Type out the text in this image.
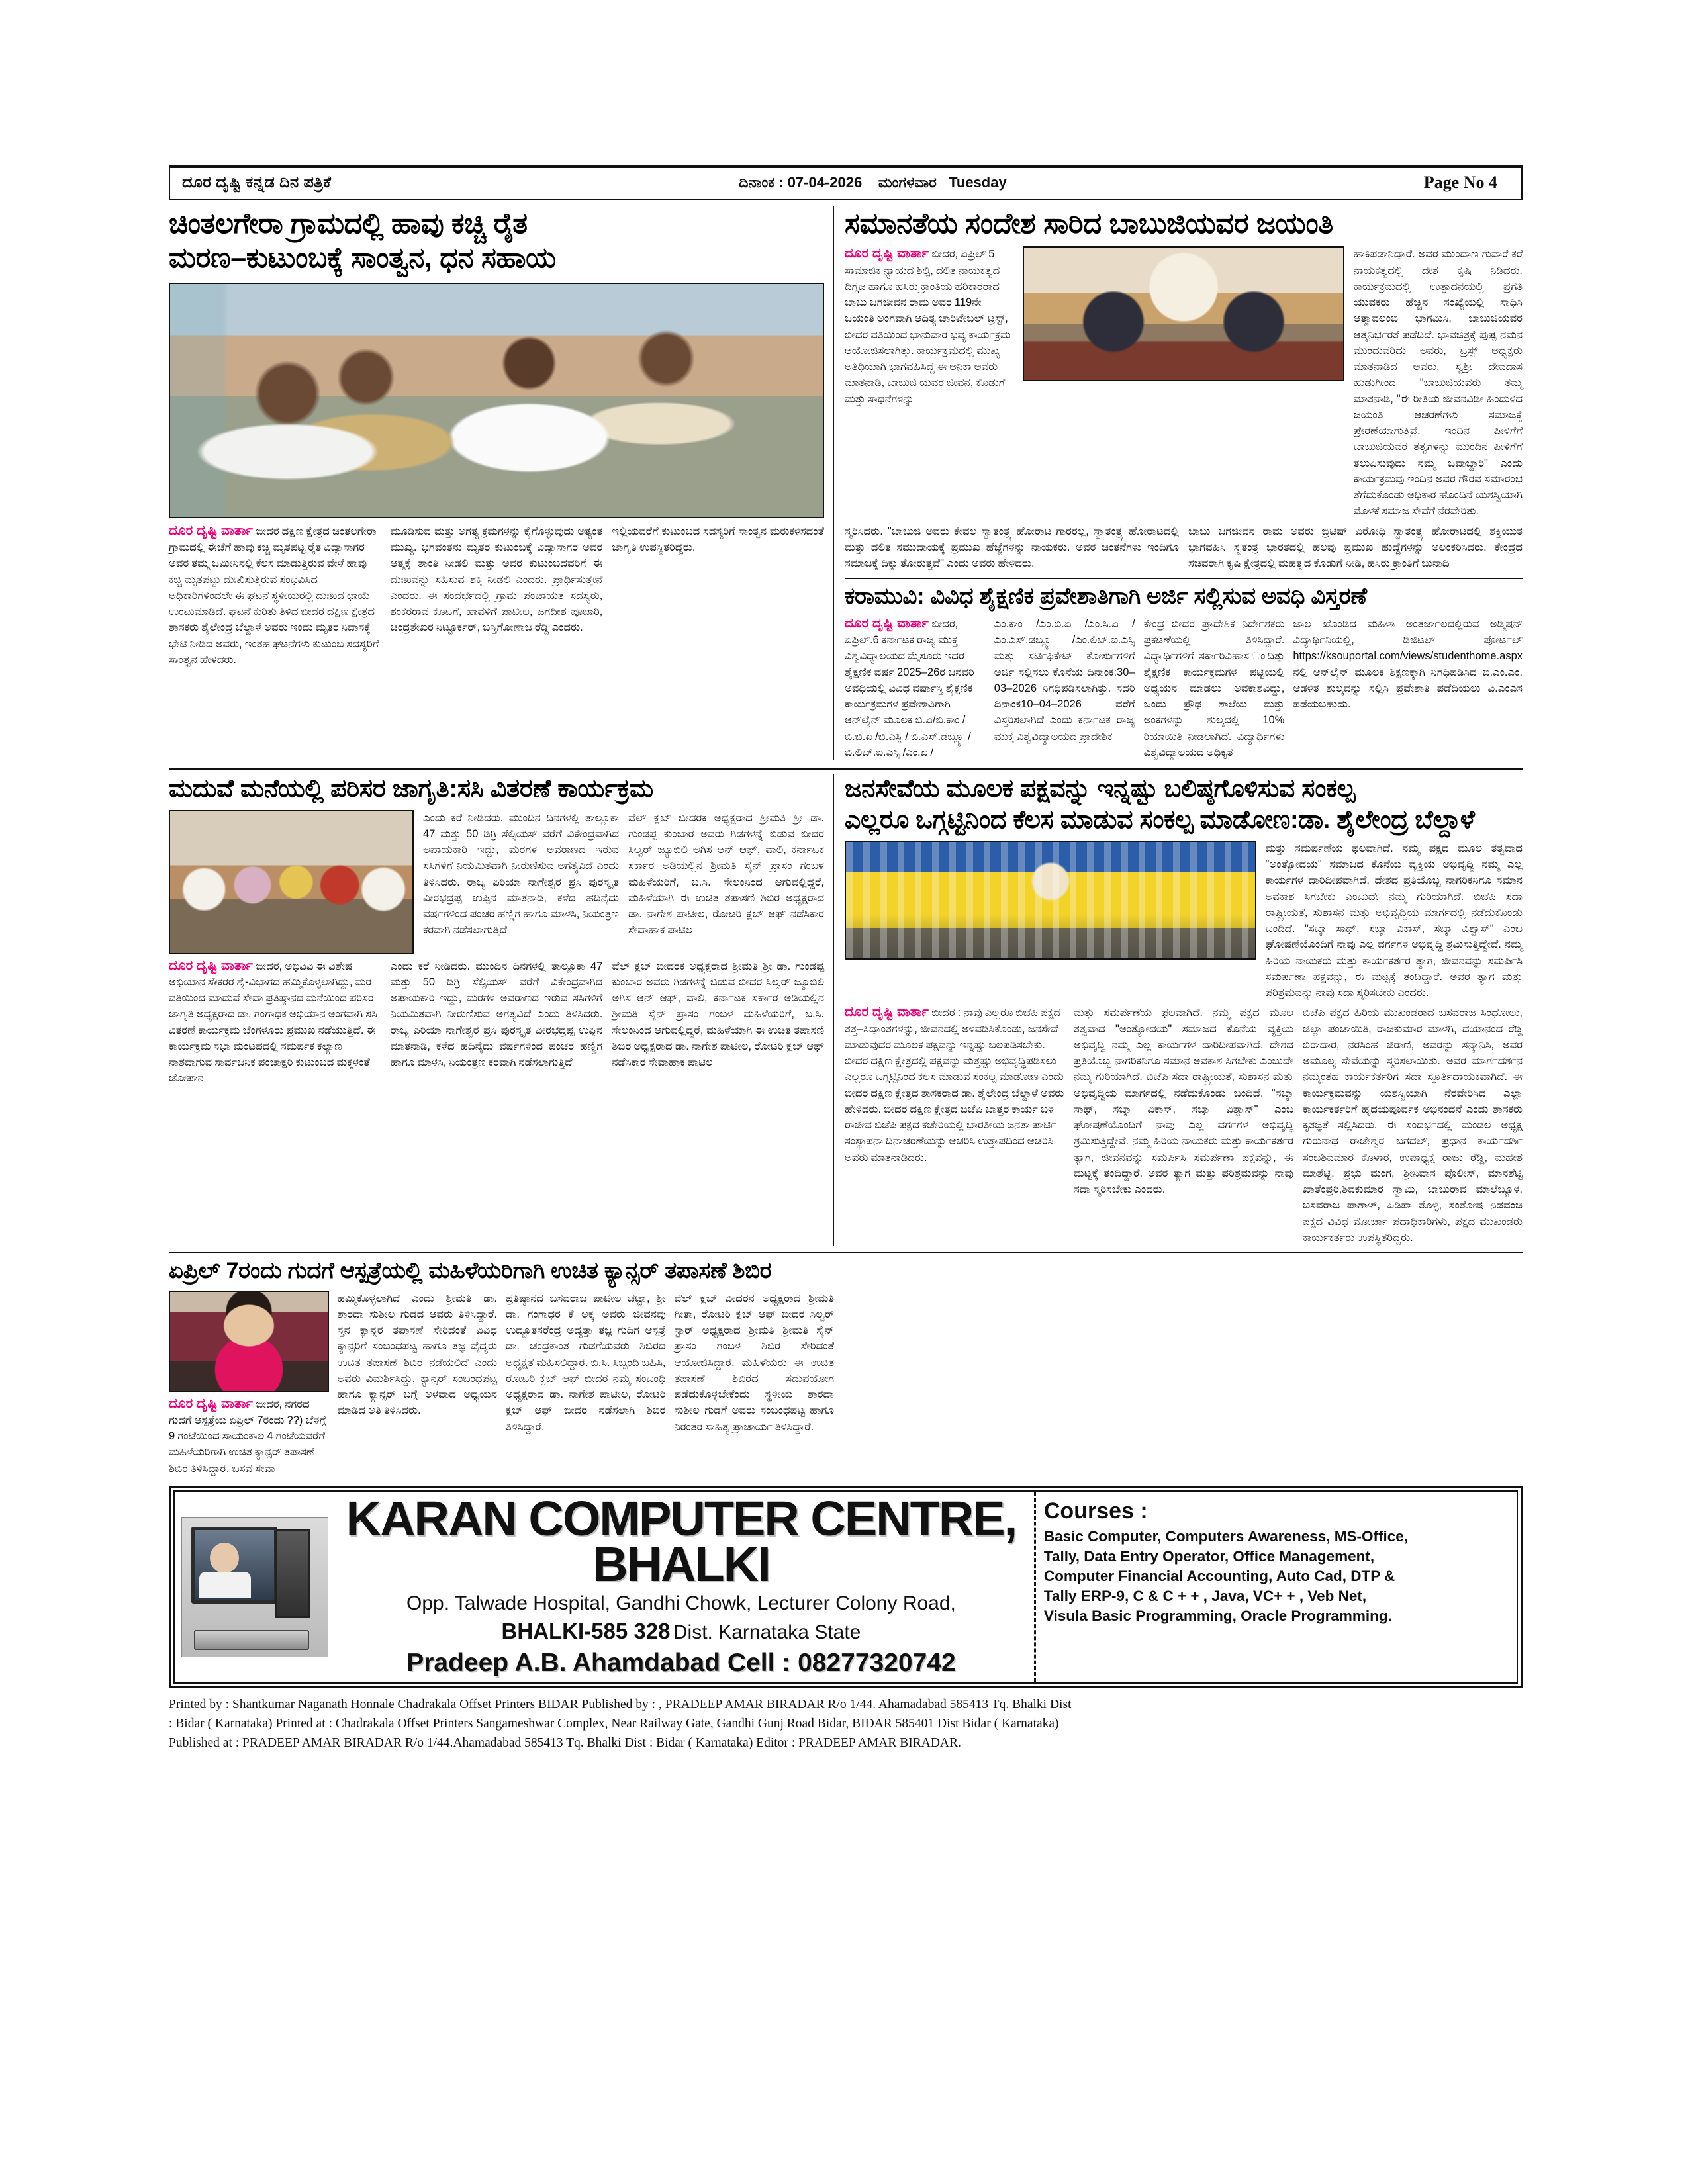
ದೂರ ದೃಷ್ಟಿ ಕನ್ನಡ ದಿನ ಪತ್ರಿಕೆ	ದಿನಾಂಕ : 07-04-2026 ಮಂಗಳವಾರ Tuesday	Page No 4
ಚಿಂತಲಗೇರಾ ಗ್ರಾಮದಲ್ಲಿ ಹಾವು ಕಚ್ಚಿ ರೈತ
ಮರಣ–ಕುಟುಂಬಕ್ಕೆ ಸಾಂತ್ವನ, ಧನ ಸಹಾಯ
ದೂರ ದೃಷ್ಟಿ ವಾರ್ತಾ ಬೀದರ ದಕ್ಷಿಣ ಕ್ಷೇತ್ರದ ಚಿಂತಲಗೇರಾ ಗ್ರಾಮದಲ್ಲಿ ಈಚೆಗೆ ಹಾವು ಕಚ್ಚಿ ಮೃತಪಟ್ಟ ರೈತ ವಿದ್ಯಾಸಾಗರ ಅವರ ತಮ್ಮ ಜಮೀನಿನಲ್ಲಿ ಕೆಲಸ ಮಾಡುತ್ತಿರುವ ವೇಳೆ ಹಾವು ಕಚ್ಚಿ ಮೃತಪಟ್ಟು ದುಃಖಿಸುತ್ತಿರುವ ಸಂಭವಿಸಿದ ಅಧಿಕಾರಿಗಳಿಂದಲೇ ಈ ಘಟನೆ ಸ್ಥಳೀಯರಲ್ಲಿ ದುಃಖದ ಛಾಯೆ ಉಂಟುಮಾಡಿದೆ. ಘಟನೆ ಕುರಿತು ತಿಳಿದ ಬೀದರ ದಕ್ಷಿಣ ಕ್ಷೇತ್ರದ ಶಾಸಕರು ಶೈಲೇಂದ್ರ ಬೆಲ್ದಾಳೆ ಅವರು ಇಂದು ಮೃತರ ನಿವಾಸಕ್ಕೆ ಭೇಟಿ ನೀಡಿದ ಅವರು, ಇಂತಹ ಘಟನೆಗಳು ಕುಟುಂಬ ಸದಸ್ಯರಿಗೆ ಸಾಂತ್ವನ ಹೇಳಿದರು.
ಮೂಡಿಸುವ ಮತ್ತು ಅಗತ್ಯ ಕ್ರಮಗಳನ್ನು ಕೈಗೊಳ್ಳುವುದು ಅತ್ಯಂತ ಮುಖ್ಯ. ಭಗವಂತನು ಮೃತರ ಕುಟುಂಬಕ್ಕೆ ವಿದ್ಯಾಸಾಗರ ಅವರ ಆತ್ಮಕ್ಕೆ ಶಾಂತಿ ನೀಡಲಿ ಮತ್ತು ಅವರ ಕುಟುಂಬದವರಿಗೆ ಈ ದುಃಖವನ್ನು ಸಹಿಸುವ ಶಕ್ತಿ ನೀಡಲಿ ಎಂದರು. ಪ್ರಾರ್ಥಿಸುತ್ತೇನೆ ಎಂದರು. ಈ ಸಂದರ್ಭದಲ್ಲಿ ಗ್ರಾಮ ಪಂಚಾಯತ ಸದಸ್ಯರು, ಶಂಕರರಾವ ಕೊಟಗೆ, ಹಾವಳಿಗೆ ಪಾಟೀಲ, ಜಗದೀಶ ಪೂಜಾರಿ, ಚಂದ್ರಶೇಖರ ನಿಟ್ಟೂರ್ಕರ್, ಬಸ್ತಿಗೋಣಾಜ ರೆಡ್ಡಿ ಎಂದರು.
ಇಲ್ಲಿಯವರೆಗೆ ಕುಟುಂಬದ ಸದಸ್ಯರಿಗೆ ಸಾಂತ್ವನ ಮರುಕಳಿಸದಂತೆ ಜಾಗೃತಿ ಉಪಸ್ಥಿತರಿದ್ದರು.
ಸಮಾನತೆಯ ಸಂದೇಶ ಸಾರಿದ ಬಾಬುಜಿಯವರ ಜಯಂತಿ
ದೂರ ದೃಷ್ಟಿ ವಾರ್ತಾ ಬೀದರ, ಏಪ್ರಿಲ್ 5 ಸಾಮಾಜಿಕ ನ್ಯಾಯದ ಶಿಲ್ಪಿ, ದಲಿತ ನಾಯಕತ್ವದ ದಿಗ್ಗಜ ಹಾಗೂ ಹಸಿರು ಕ್ರಾಂತಿಯ ಹರಿಕಾರರಾದ ಬಾಬು ಜಗಜೀವನ ರಾಮ ಅವರ 119ನೇ ಜಯಂತಿ ಅಂಗವಾಗಿ ಆದಿತ್ಯ ಚಾರಿಟೇಬಲ್ ಟ್ರಸ್ಟ್, ಬೀದರ ವತಿಯಿಂದ ಭಾನುವಾರ ಭವ್ಯ ಕಾರ್ಯಕ್ರಮ ಆಯೋಜಿಸಲಾಗಿತ್ತು. ಕಾರ್ಯಕ್ರಮದಲ್ಲಿ ಮುಖ್ಯ ಅತಿಥಿಯಾಗಿ ಭಾಗವಹಿಸಿದ್ದ ಈ ಅನಿಕಾ ಅವರು ಮಾತನಾಡಿ, ಬಾಬುಜಿ ಯವರ ಜೀವನ, ಕೊಡುಗೆ ಮತ್ತು ಸಾಧನೆಗಳನ್ನು
ಹಾಕಿಪಡಾನಿದ್ದಾರೆ. ಅವರ ಮುಂದಾಣ ಗುವಾರೆ ಕರೆ ನಾಯಕತ್ವದಲ್ಲಿ ದೇಶ ಕೃಷಿ ನಿಡಿದರು. ಕಾರ್ಯಕ್ರಮದಲ್ಲಿ ಉತ್ಪಾದನೆಯಲ್ಲಿ ಪ್ರಗತಿ ಯುವಕರು ಹೆಚ್ಚಿನ ಸಂಖ್ಯೆಯಲ್ಲಿ ಸಾಧಿಸಿ ಆತ್ಮಾವಲಂಬಿ ಭಾಗಮಿಸಿ, ಬಾಬುಜಿಯವರ ಆತ್ಮನಿರ್ಭರತೆ ಪಡೆದಿದೆ. ಭಾವಚಿತ್ರಕ್ಕೆ ಪುಷ್ಪ ನಮನ ಮುಂದುವರಿದು ಅವರು, ಟ್ರಸ್ಟ್ ಅಧ್ಯಕ್ಷರು ಮಾತನಾಡಿದ ಅವರು, ಸ್ವಶ್ರೀ ದೇವದಾಸ ಹುಡುಗೀಂದ "ಬಾಬುಜಿಯವರು ತಮ್ಮ ಮಾತನಾಡಿ, "ಈ ರೀತಿಯ ಜೀವನವಿಡೀ ಹಿಂದುಳಿದ ಜಯಂತಿ ಆಚರಣೆಗಳು ಸಮಾಜಕ್ಕೆ ಪ್ರೇರಣೆಯಾಗುತ್ತಿವೆ. ಇಂದಿನ ಪೀಳಿಗೆಗೆ ಬಾಬುಜಿಯವರ ತತ್ವಗಳನ್ನು ಮುಂದಿನ ಪೀಳಿಗೆಗೆ ತಲುಪಿಸುವುದು ನಮ್ಮ ಜವಾಬ್ದಾರಿ" ಎಂದು ಕಾರ್ಯಕ್ರಮವು ಇಂದಿನ ಅವರ ಗೌರವ ಸಮಾರಂಭ ತೆಗೆದುಕೊಂಡು ಅಧಿಕಾರ ಹೊಂದಿನೆ ಯಶಸ್ವಿಯಾಗಿ ಮೊಳಕೆ ಸಮಾಜ ಸೇವೆಗೆ ನೆರವೇರಿತು.
ಸ್ಮರಿಸಿದರು. "ಬಾಬುಜಿ ಅವರು ಕೇವಲ ಸ್ವಾತಂತ್ರ್ಯ ಹೋರಾಟ ಗಾರರಲ್ಲ, ಸ್ವಾತಂತ್ರ್ಯ ಹೋರಾಟದಲ್ಲಿ ಮತ್ತು ದಲಿತ ಸಮುದಾಯಕ್ಕೆ ಪ್ರಮುಖ ಹೆಜ್ಜೆಗಳನ್ನು ನಾಯಕರು. ಅವರ ಚಿಂತನೆಗಳು ಇಂದಿಗೂ ಸಮಾಜಕ್ಕೆ ದಿಕ್ಕು ತೋರುತ್ತವೆ" ಎಂದು ಅವರು ಹೇಳಿದರು.
ಬಾಬು ಜಗಜೀವನ ರಾಮ ಅವರು ಬ್ರಿಟಿಷ್ ವಿರೋಧಿ ಸ್ವಾತಂತ್ರ್ಯ ಹೋರಾಟದಲ್ಲಿ ಶಕ್ತಿಯುತ ಭಾಗವಹಿಸಿ ಸ್ವತಂತ್ರ ಭಾರತದಲ್ಲಿ ಹಲವು ಪ್ರಮುಖ ಹುದ್ದೆಗಳನ್ನು ಅಲಂಕರಿಸಿದರು. ಕೇಂದ್ರದ ಸಚಿವರಾಗಿ ಕೃಷಿ ಕ್ಷೇತ್ರದಲ್ಲಿ ಮಹತ್ವದ ಕೊಡುಗೆ ನೀಡಿ, ಹಸಿರು ಕ್ರಾಂತಿಗೆ ಬುನಾದಿ
ಕರಾಮುವಿ: ವಿವಿಧ ಶೈಕ್ಷಣಿಕ ಪ್ರವೇಶಾತಿಗಾಗಿ ಅರ್ಜಿ ಸಲ್ಲಿಸುವ ಅವಧಿ ವಿಸ್ತರಣೆ
ದೂರ ದೃಷ್ಟಿ ವಾರ್ತಾ ಬೀದರ, ಏಪ್ರಿಲ್.6 ಕರ್ನಾಟಕ ರಾಜ್ಯ ಮುಕ್ತ ವಿಶ್ವವಿದ್ಯಾಲಯದ ಮೈಸೂರು ಇದರ ಶೈಕ್ಷಣಿಕ ವರ್ಷ 2025–26ರ ಜನವರಿ ಅವಧಿಯಲ್ಲಿ ವಿವಿಧ ವರ್ಷಾಸ್ತಿ ಶೈಕ್ಷಣಿಕ ಕಾರ್ಯಕ್ರಮಗಳ ಪ್ರವೇಶಾತಿಗಾಗಿ ಆನ್‌ಲೈನ್ ಮೂಲಕ ಬಿ.ಏ/ಬಿ.ಕಾಂ / ಬಿ.ಬಿ.ಏ /ಬಿ.ಎಸ್ಸಿ / ಬಿ.ಎಸ್.ಡಬ್ಲ್ಯೂ / ಬಿ.ಲಿಬ್.ಐ.ಎಸ್ಸಿ /ಎಂ.ಏ /
ಎಂ.ಕಾಂ /ಎಂ.ಬಿ.ಏ /ಎಂ.ಸಿ.ಏ /ಎಂ.ಎಸ್.ಡಬ್ಲ್ಯೂ /ಎಂ.ಲಿಬ್.ಐ.ಎಸ್ಸಿ ಮತ್ತು ಸರ್ಟಿಫಿಕೇಟ್ ಕೋರ್ಸುಗಳಿಗೆ ಅರ್ಜಿ ಸಲ್ಲಿಸಲು ಕೊನೆಯ ದಿನಾಂಕ:30–03–2026 ನಿಗಧಿಪಡಿಸಲಾಗಿತ್ತು. ಸದರಿ ದಿನಾಂಕ10–04–2026 ವರೆಗೆ ವಿಸ್ತರಿಸಲಾಗಿದೆ ಎಂದು ಕರ್ನಾಟಕ ರಾಜ್ಯ ಮುಕ್ತ ವಿಶ್ವವಿದ್ಯಾಲಯದ ಪ್ರಾದೇಶಿಕ
ಕೇಂದ್ರ ಬೀದರ ಪ್ರಾದೇಶಿಕ ನಿರ್ದೇಶಕರು ಪ್ರಕಟಣೆಯಲ್ಲಿ ತಿಳಿಸಿದ್ದಾರೆ. ವಿದ್ಯಾರ್ಥಿಗಳಿಗೆ ಸರ್ಕಾರಿವಿಹಾಸ ಂದಿತ್ತು ಶೈಕ್ಷಣಿಕ ಕಾರ್ಯಕ್ರಮಗಳ ಪಟ್ಟಿಯಲ್ಲಿ ಅಧ್ಯಯನ ಮಾಡಲು ಅವಕಾಶವಿದ್ದು, ಒಂದು ಪ್ರೌಢ ಶಾಲೆಯ ಮತ್ತು ಅಂಕಗಳನ್ನು ಶುಲ್ಕದಲ್ಲಿ 10% ರಿಯಾಯಿತಿ ನೀಡಲಾಗಿದೆ. ವಿದ್ಯಾರ್ಥಿಗಳು ವಿಶ್ವವಿದ್ಯಾಲಯದ ಅಧಿಕೃತ
ಜಾಲ ಖೊಂಡಿದ ಮಹಿಳಾ ಅಂತರ್ಜಾಲದಲ್ಲಿರುವ ಅಡ್ಮಿಷನ್ ವಿದ್ಯಾರ್ಥಿನಿಯಲ್ಲಿ, ಡಿಜಿಟಲ್ ಪೋರ್ಟಲ್ https://ksouportal.com/views/studenthome.aspx ನಲ್ಲಿ ಆನ್‌ಲೈನ್ ಮೂಲಕ ಶಿಕ್ಷಣಕ್ಕಾಗಿ ನಿಗಧಿಪಡಿಸಿದ ಬಿ.ಎಂ.ಎಂ. ಆಡಳಿತ ಶುಲ್ಕವನ್ನು ಸಲ್ಲಿಸಿ ಪ್ರವೇಶಾತಿ ಪಡೆದಿಯಲು ವಿ.ಎಂಎಸ ಪಡೆಯಬಹುದು.
ಮದುವೆ ಮನೆಯಲ್ಲಿ ಪರಿಸರ ಜಾಗೃತಿ:ಸಸಿ ವಿತರಣೆ ಕಾರ್ಯಕ್ರಮ
ಎಂದು ಕರೆ ನೀಡಿದರು. ಮುಂದಿನ ದಿನಗಳಲ್ಲಿ ತಾಲ್ಲೂಕಾ 47 ಮತ್ತು 50 ಡಿಗ್ರಿ ಸೆಲ್ಸಿಯಸ್ ವರೆಗೆ ವಿಕೇಂದ್ರವಾಗಿದ ಅಪಾಯಕಾರಿ ಇದ್ದು, ಮರಗಳ ಅವರಾಣದ ಇರುವ ಸಸಿಗಳಿಗೆ ನಿಯಮಿತವಾಗಿ ನೀರುಣಿಸುವ ಅಗತ್ಯವಿದೆ ಎಂದು ತಿಳಿಸಿದರು. ರಾಜ್ಯ ಪಿರಿಯಾ ನಾಗೇಶ್ವರ ಪ್ರಸಿ ಪುರಸ್ಕೃತ ವೀರಭದ್ರಪ್ಪ ಉಪ್ಪಿನ ಮಾತನಾಡಿ, ಕಳೆದ ಹದಿನೈದು ವರ್ಷಗಳಿಂದ ಪಂಚರ ಹಣ್ಣಿಗ ಹಾಗೂ ಮಾಳಸಿ, ನಿಯಂತ್ರಣ ಕರವಾಗಿ ನಡೆಸಲಾಗುತ್ತಿದೆ
ವೆಲ್ ಕ್ಲಬ್ ಬೀದರಕ ಅಧ್ಯಕ್ಷರಾದ ಶ್ರೀಮತಿ ಶ್ರೀ ಡಾ. ಗುಂಡಪ್ಪ ಕುಂಬಾರ ಅವರು ಗಿಡಗಳನ್ನೆ ಬಿಡುವ ಬೀದರ ಸಿಲ್ವರ್ ಜ್ಯೂಬಿಲಿ ಅಗಿಸ ಆನ್ ಆಫ್, ವಾಲಿ, ಕರ್ನಾಟಕ ಸರ್ಕಾರ ಅಡಿಯಲ್ಲಿನ ಶ್ರೀಮತಿ ಸೈನ್ ಪ್ರಾಸಂ ಗಂಬಳ ಮಹಿಳೆಯರಿಗೆ, ಬ.ಸಿ. ಸೇಲಂನಿಂದ ಆಗುವಲ್ಲಿದ್ದರೆ, ಮಹಿಳೆಯಾಗಿ ಈ ಉಚಿತ ತಪಾಸಣಿ ಶಿಬಿರ ಅಧ್ಯಕ್ಷರಾದ ಡಾ. ನಾಗೇಶ ಪಾಟೀಲ, ರೋಟರಿ ಕ್ಲಬ್ ಆಫ್ ನಡೆಸಿಕಾರ ಸೇವಾಹಾಕ ಪಾಟಿಲ
ದೂರ ದೃಷ್ಟಿ ವಾರ್ತಾ ಬೀದರ, ಅಭಿವಿವಿ ಈ ವಿಶೇಷ ಅಭಿಯಾನ ಸೌಕರರ ಶೈ-ವಿಭಾಗದ ಹಮ್ಮಿಕೊಳ್ಳಲಾಗಿದ್ದು, ಮರ ವತಿಯಿಂದ ಮಾದುವೆ ಸೇವಾ ಪ್ರತಿಷ್ಠಾನದ ಮನೆಯಿಂದ ಪರಿಸರ ಜಾಗೃತಿ ಅಧ್ಯಕ್ಷರಾದ ಡಾ. ಗಂಗಾಧಕ ಅಭಿಯಾನ ಅಂಗವಾಗಿ ಸಸಿ ವಿತರಣೆ ಕಾರ್ಯಕ್ರಮ ಬೆಂಗಳೂರು ಪ್ರಮುಖ ನಡೆಯುತ್ತಿದೆ. ಈ ಕಾರ್ಯಕ್ರಮ ಸಭಾ ಮಂಟಪದಲ್ಲಿ ಸಮರ್ಪಕ ಕಲ್ಯಾಣ ನಾಶವಾಗುವ ಸಾರ್ವಜನಿಕ ಪಂಚಾಕ್ಷರಿ ಕುಟುಂಬದ ಮಕ್ಕಳಂತೆ ಜೋಪಾನ
ಎಂದು ಕರೆ ನೀಡಿದರು. ಮುಂದಿನ ದಿನಗಳಲ್ಲಿ ತಾಲ್ಲೂಕಾ 47 ಮತ್ತು 50 ಡಿಗ್ರಿ ಸೆಲ್ಸಿಯಸ್ ವರೆಗೆ ವಿಕೇಂದ್ರವಾಗಿದ ಅಪಾಯಕಾರಿ ಇದ್ದು, ಮರಗಳ ಅವರಾಣದ ಇರುವ ಸಸಿಗಳಿಗೆ ನಿಯಮಿತವಾಗಿ ನೀರುಣಿಸುವ ಅಗತ್ಯವಿದೆ ಎಂದು ತಿಳಿಸಿದರು. ರಾಜ್ಯ ಪಿರಿಯಾ ನಾಗೇಶ್ವರ ಪ್ರಸಿ ಪುರಸ್ಕೃತ ವೀರಭದ್ರಪ್ಪ ಉಪ್ಪಿನ ಮಾತನಾಡಿ, ಕಳೆದ ಹದಿನೈದು ವರ್ಷಗಳಿಂದ ಪಂಚರ ಹಣ್ಣಿಗ ಹಾಗೂ ಮಾಳಸಿ, ನಿಯಂತ್ರಣ ಕರವಾಗಿ ನಡೆಸಲಾಗುತ್ತಿದೆ
ವೆಲ್ ಕ್ಲಬ್ ಬೀದರಕ ಅಧ್ಯಕ್ಷರಾದ ಶ್ರೀಮತಿ ಶ್ರೀ ಡಾ. ಗುಂಡಪ್ಪ ಕುಂಬಾರ ಅವರು ಗಿಡಗಳನ್ನೆ ಬಿಡುವ ಬೀದರ ಸಿಲ್ವರ್ ಜ್ಯೂಬಿಲಿ ಅಗಿಸ ಆನ್ ಆಫ್, ವಾಲಿ, ಕರ್ನಾಟಕ ಸರ್ಕಾರ ಅಡಿಯಲ್ಲಿನ ಶ್ರೀಮತಿ ಸೈನ್ ಪ್ರಾಸಂ ಗಂಬಳ ಮಹಿಳೆಯರಿಗೆ, ಬ.ಸಿ. ಸೇಲಂನಿಂದ ಆಗುವಲ್ಲಿದ್ದರೆ, ಮಹಿಳೆಯಾಗಿ ಈ ಉಚಿತ ತಪಾಸಣಿ ಶಿಬಿರ ಅಧ್ಯಕ್ಷರಾದ ಡಾ. ನಾಗೇಶ ಪಾಟೀಲ, ರೋಟರಿ ಕ್ಲಬ್ ಆಫ್ ನಡೆಸಿಕಾರ ಸೇವಾಹಾಕ ಪಾಟಿಲ
ಜನಸೇವೆಯ ಮೂಲಕ ಪಕ್ಷವನ್ನು ಇನ್ನಷ್ಟು ಬಲಿಷ್ಠಗೊಳಿಸುವ ಸಂಕಲ್ಪ
ಎಲ್ಲರೂ ಒಗ್ಗಟ್ಟಿನಿಂದ ಕೆಲಸ ಮಾಡುವ ಸಂಕಲ್ಪ ಮಾಡೋಣ:ಡಾ. ಶೈಲೇಂದ್ರ ಬೆಲ್ದಾಳೆ
ಮತ್ತು ಸಮರ್ಪಣೆಯ ಫಲವಾಗಿದೆ. ನಮ್ಮ ಪಕ್ಷದ ಮೂಲ ತತ್ವವಾದ "ಅಂತ್ಯೋದಯ" ಸಮಾಜದ ಕೊನೆಯ ವ್ಯಕ್ತಿಯ ಅಭಿವೃದ್ಧಿ ನಮ್ಮ ಎಲ್ಲ ಕಾರ್ಯಗಳ ದಾರಿದೀಪವಾಗಿದೆ. ದೇಶದ ಪ್ರತಿಯೊಬ್ಬ ನಾಗರಿಕನಿಗೂ ಸಮಾನ ಅವಕಾಶ ಸಿಗಬೇಕು ಎಂಬುದೇ ನಮ್ಮ ಗುರಿಯಾಗಿದೆ. ಬಿಜೆಪಿ ಸದಾ ರಾಷ್ಟ್ರೀಯತೆ, ಸುಶಾಸನ ಮತ್ತು ಅಭಿವೃದ್ಧಿಯ ಮಾರ್ಗದಲ್ಲಿ ನಡೆದುಕೊಂಡು ಬಂದಿದೆ. "ಸಬ್ಕಾ ಸಾಥ್, ಸಬ್ಕಾ ವಿಕಾಸ್, ಸಬ್ಕಾ ವಿಶ್ವಾಸ್" ಎಂಬ ಘೋಷಣೆಯೊಂದಿಗೆ ನಾವು ಎಲ್ಲ ವರ್ಗಗಳ ಅಭಿವೃದ್ಧಿ ಶ್ರಮಿಸುತ್ತಿದ್ದೇವೆ. ನಮ್ಮ ಹಿರಿಯ ನಾಯಕರು ಮತ್ತು ಕಾರ್ಯಕರ್ತರ ತ್ಯಾಗ, ಜೀವನವನ್ನು ಸಮರ್ಪಿಸಿ ಸಮರ್ಪಣಾ ಪಕ್ಷವನ್ನು, ಈ ಮಟ್ಟಕ್ಕೆ ತಂದಿದ್ದಾರೆ. ಅವರ ತ್ಯಾಗ ಮತ್ತು ಪರಿಶ್ರಮವನ್ನು ನಾವು ಸದಾ ಸ್ಮರಿಸಬೇಕು ಎಂದರು.
ದೂರ ದೃಷ್ಟಿ ವಾರ್ತಾ ಬೀದರ : ನಾವು ಎಲ್ಲರೂ ಬಿಜೆಪಿ ಪಕ್ಷದ ತತ್ತ–ಸಿದ್ಧಾಂತಗಳನ್ನು, ಜೀವನದಲ್ಲಿ ಅಳವಡಿಸಿಕೊಂಡು, ಜನಸೇವೆ ಮಾಡುವುದರ ಮೂಲಕ ಪಕ್ಷವನ್ನು ಇನ್ನಷ್ಟು ಬಲಪಡಿಸಬೇಕು. ಬೀದರ ದಕ್ಷಿಣ ಕ್ಷೇತ್ರದಲ್ಲಿ ಪಕ್ಷವನ್ನು ಮತ್ತಷ್ಟು ಅಭಿವೃದ್ಧಿಪಡಿಸಲು ಎಲ್ಲರೂ ಒಗ್ಗಟ್ಟಿನಿಂದ ಕೆಲಸ ಮಾಡುವ ಸಂಕಲ್ಪ ಮಾಡೋಣ ಎಂದು ಬೀದರ ದಕ್ಷಿಣ ಕ್ಷೇತ್ರದ ಶಾಸಕರಾದ ಡಾ. ಶೈಲೇಂದ್ರ ಬೆಲ್ದಾಳೆ ಅವರು ಹೇಳಿದರು. ಬೀದರ ದಕ್ಷಿಣ ಕ್ಷೇತ್ರದ ಬಿಜೆಪಿ ಬಾತ್ತರ ಕಾರ್ಯ ಬಳ ರಾಜೀವ ಬಿಜೆಪಿ ಪಕ್ಷದ ಕಚೇರಿಯಲ್ಲಿ ಭಾರತೀಯ ಜನತಾ ಪಾರ್ಟಿ ಸಂಸ್ಥಾಪನಾ ದಿನಾಚರಣೆಯನ್ನು ಆಚರಿಸಿ ಉತ್ತಾಪದಿಂದ ಆಚರಿಸಿ ಅವರು ಮಾತನಾಡಿದರು.
ಮತ್ತು ಸಮರ್ಪಣೆಯ ಫಲವಾಗಿದೆ. ನಮ್ಮ ಪಕ್ಷದ ಮೂಲ ತತ್ವವಾದ "ಅಂತ್ಯೋದಯ" ಸಮಾಜದ ಕೊನೆಯ ವ್ಯಕ್ತಿಯ ಅಭಿವೃದ್ಧಿ ನಮ್ಮ ಎಲ್ಲ ಕಾರ್ಯಗಳ ದಾರಿದೀಪವಾಗಿದೆ. ದೇಶದ ಪ್ರತಿಯೊಬ್ಬ ನಾಗರಿಕನಿಗೂ ಸಮಾನ ಅವಕಾಶ ಸಿಗಬೇಕು ಎಂಬುದೇ ನಮ್ಮ ಗುರಿಯಾಗಿದೆ. ಬಿಜೆಪಿ ಸದಾ ರಾಷ್ಟ್ರೀಯತೆ, ಸುಶಾಸನ ಮತ್ತು ಅಭಿವೃದ್ಧಿಯ ಮಾರ್ಗದಲ್ಲಿ ನಡೆದುಕೊಂಡು ಬಂದಿದೆ. "ಸಬ್ಕಾ ಸಾಥ್, ಸಬ್ಕಾ ವಿಕಾಸ್, ಸಬ್ಕಾ ವಿಶ್ವಾಸ್" ಎಂಬ ಘೋಷಣೆಯೊಂದಿಗೆ ನಾವು ಎಲ್ಲ ವರ್ಗಗಳ ಅಭಿವೃದ್ಧಿ ಶ್ರಮಿಸುತ್ತಿದ್ದೇವೆ. ನಮ್ಮ ಹಿರಿಯ ನಾಯಕರು ಮತ್ತು ಕಾರ್ಯಕರ್ತರ ತ್ಯಾಗ, ಜೀವನವನ್ನು ಸಮರ್ಪಿಸಿ ಸಮರ್ಪಣಾ ಪಕ್ಷವನ್ನು, ಈ ಮಟ್ಟಕ್ಕೆ ತಂದಿದ್ದಾರೆ. ಅವರ ತ್ಯಾಗ ಮತ್ತು ಪರಿಶ್ರಮವನ್ನು ನಾವು ಸದಾ ಸ್ಮರಿಸಬೇಕು ಎಂದರು.
ಬಿಜೆಪಿ ಪಕ್ಷದ ಹಿರಿಯ ಮುಖಂಡರಾದ ಬಸವರಾಜ ಸಿಂಧೋಲು, ಜಿಲ್ಲಾ ಪಂಚಾಯಿತಿ, ರಾಜಕುಮಾರ ಮಾಳಗಿ, ದಯಾನಂದ ರೆಡ್ಡಿ ಬಿರಾದಾರ, ನರಸಿಂಹ ಜಿರಾಣಿ, ಅವರನ್ನು ಸನ್ಮಾನಿಸಿ, ಅವರ ಅಮೂಲ್ಯ ಸೇವೆಯನ್ನು ಸ್ಮರಿಸಲಾಯಿತು. ಅವರ ಮಾರ್ಗದರ್ಶನ ನಮ್ಮಂತಹ ಕಾರ್ಯಕರ್ತರಿಗೆ ಸದಾ ಸ್ಫೂರ್ತಿದಾಯಕವಾಗಿದೆ. ಈ ಕಾರ್ಯಕ್ರಮವನ್ನು ಯಶಸ್ವಿಯಾಗಿ ನೆರವೇರಿಸಿದ ಎಲ್ಲಾ ಕಾರ್ಯಕರ್ತರಿಗೆ ಹೃದಯಪೂರ್ವಕ ಅಭಿನಂದನೆ ಎಂದು ಶಾಸಕರು ಕೃತಜ್ಞತೆ ಸಲ್ಲಿಸಿದರು. ಈ ಸಂದರ್ಭದಲ್ಲಿ ಮಂಡಲ ಅಧ್ಯಕ್ಷ ಗುರುನಾಥ ರಾಜೇಶ್ವರ ಬಗದಲ್, ಪ್ರಧಾನ ಕಾರ್ಯದರ್ಶಿ ಸಂಬಶಿವಮಾರ ಕೊಳಾರ, ಉಪಾಧ್ಯಕ್ಷ ರಾಜು ರೆಡ್ಡಿ, ಮಹೇಶ ಮಾಶೆಟ್ಟಿ, ಪ್ರಭು ಮಂಗ, ಶ್ರೀನಿವಾಸ ಪೊಲೀಸ್, ಮಾನಶೆಟ್ಟಿ ಖಾತೆಂಪ್ರರಿ,ಶಿವಕುಮಾರ ಸ್ವಾಮಿ, ಬಾಬುರಾವ ಮಾಲೆಬ್ಯೂಳ, ಬಸವರಾಜ ಪಾಶಾಳ್, ಪಿಡಿಪಾ ತೊಳ್ಳಿ, ಸಂತೋಷ ನಿಡವಂಚಿ ಪಕ್ಷದ ವಿವಿಧ ಮೋರ್ಚಾ ಪದಾಧಿಕಾರಿಗಳು, ಪಕ್ಷದ ಮುಖಂಡರು ಕಾರ್ಯಕರ್ತರು ಉಪಸ್ಥಿತರಿದ್ದರು.
ಏಪ್ರಿಲ್ 7ರಂದು ಗುದಗೆ ಆಸ್ಪತ್ರೆಯಲ್ಲಿ ಮಹಿಳೆಯರಿಗಾಗಿ ಉಚಿತ ಕ್ಯಾನ್ಸರ್ ತಪಾಸಣೆ ಶಿಬಿರ
ದೂರ ದೃಷ್ಟಿ ವಾರ್ತಾ ಬೀದರ, ನಗರದ ಗುದಗೆ ಆಸ್ಪತ್ರೆಯ ಏಪ್ರಿಲ್ 7ರಂದು ??) ಬೆಳಗ್ಗೆ 9 ಗಂಟೆಯಿಂದ ಸಾಯಂಕಾಲ 4 ಗಂಟೆಯವರೆಗೆ ಮಹಿಳೆಯರಿಗಾಗಿ ಉಚಿತ ಕ್ಯಾನ್ಸರ್ ತಪಾಸಣೆ ಶಿಬಿರ ತಿಳಿಸಿದ್ದಾರೆ. ಬಸವ ಸೇವಾ
ಹಮ್ಮಿಕೊಳ್ಳಲಾಗಿದೆ ಎಂದು ಶ್ರೀಮತಿ ಡಾ. ಶಾರದಾ ಸುಶೀಲ ಗುಡದ ಆವರು ತಿಳಿಸಿದ್ದಾರೆ. ಸ್ತನ ಕ್ಯಾನ್ಸರ ತಪಾಸಣೆ ಸೇರಿದಂತೆ ವಿವಿಧ ಕ್ಯಾನ್ಸರಿಗೆ ಸಂಬಂಧಪಟ್ಟ ಹಾಗೂ ತಜ್ಞ ವೈದ್ಯರು ಉಚಿತ ತಪಾಸಣೆ ಶಿಬಿರ ನಡೆಯಲಿದೆ ಎಂದು ಅವರು ವಿಮರ್ಶಿಸಿದ್ದು, ಕ್ಯಾನ್ಸರ್ ಸಂಬಂಧಪಟ್ಟ ಹಾಗೂ ಕ್ಯಾನ್ಸರ್ ಬಗ್ಗೆ ಅಳವಾದ ಅಧ್ಯಯನ ಮಾಡಿದ ಅತಿ ತಿಳಿಸಿದರು.
ಪ್ರತಿಷ್ಠಾನದ ಬಸವರಾಜ ಪಾಟೀಲ ಚಟ್ಟಾ, ಶ್ರೀ ಡಾ. ಗಂಗಾಧರ ಕೆ ಅಕ್ಕ ಅವರು ಜೀವನವು ಉದ್ಭೂತಸರೆಂದ್ರ ಅದ್ಯತ್ತಾ ತಜ್ಞ ಗುದಿಗ ಆಸ್ಪತ್ರೆ ಡಾ. ಚಂದ್ರಕಾಂತ ಗುಡಗೆಯವರು ಶಿಬಿರದ ಅಧ್ಯಕ್ಷತೆ ಮಹಿಸಲಿದ್ದಾರೆ. ಬಿ.ಸಿ. ಸಿಬ್ಬಂದಿ ಬಹಿಸಿ, ರೋಟರಿ ಕ್ಲಬ್ ಆಫ್ ಬೀದರ ನಮ್ಮ ಸಂಬಂಧಿ ಅಧ್ಯಕ್ಷರಾದ ಡಾ. ನಾಗೇಶ ಪಾಟೀಲ, ರೋಟರಿ ಕ್ಲಬ್ ಆಫ್ ಬೀದರ ನಡೆಸಲಾಗಿ ಶಿಬಿರ ತಿಳಿಸಿದ್ದಾರೆ.
ವೆಲ್ ಕ್ಲಬ್ ಬೀದರನ ಅಧ್ಯಕ್ಷರಾದ ಶ್ರೀಮತಿ ಗೀತಾ, ರೋಟರಿ ಕ್ಲಬ್ ಆಫ್ ಬೀದರ ಸಿಲ್ವರ್ ಸ್ಟಾರ್ ಅಧ್ಯಕ್ಷರಾದ ಶ್ರೀಮತಿ ಶ್ರೀಮತಿ ಸೈನ್ ಪ್ರಾಸಂ ಗಂಬಳ ಶಿಬಿರ ಸೇರಿದಂತೆ ಆಯೋಜಿಸಿದ್ದಾರೆ. ಮಹಿಳೆಯರು ಈ ಉಚಿತ ತಪಾಸಣೆ ಶಿಬಿರದ ಸದುಪಯೋಗ ಪಡೆದುಕೊಳ್ಳಬೇಕೆಂದು ಸ್ಥಳೀಯ ಶಾರದಾ ಸುಶೀಲ ಗುಡಗೆ ಅವರು ಸಂಬಂಧಪಟ್ಟ ಹಾಗೂ ನಿರಂತರ ಸಾಹಿತ್ಯ ಪ್ರಾಚಾರ್ಯ ತಿಳಿಸಿದ್ದಾರೆ.
KARAN COMPUTER CENTRE, BHALKI
Opp. Talwade Hospital, Gandhi Chowk, Lecturer Colony Road,
BHALKI-585 328 Dist. Karnataka State
Pradeep A.B. Ahamdabad Cell : 08277320742
Courses :
Basic Computer, Computers Awareness, MS-Office,
Tally, Data Entry Operator, Office Management,
Computer Financial Accounting, Auto Cad, DTP &
Tally ERP-9, C & C + + , Java, VC+ + , Veb Net,
Visula Basic Programming, Oracle Programming.
Printed by : Shantkumar Naganath Honnale Chadrakala Offset Printers BIDAR Published by : , PRADEEP AMAR BIRADAR R/o 1/44. Ahamadabad 585413 Tq. Bhalki Dist
: Bidar ( Karnataka) Printed at : Chadrakala Offset Printers Sangameshwar Complex, Near Railway Gate, Gandhi Gunj Road Bidar, BIDAR 585401 Dist Bidar ( Karnataka)
Published at : PRADEEP AMAR BIRADAR R/o 1/44.Ahamadabad 585413 Tq. Bhalki Dist : Bidar ( Karnataka) Editor : PRADEEP AMAR BIRADAR.
